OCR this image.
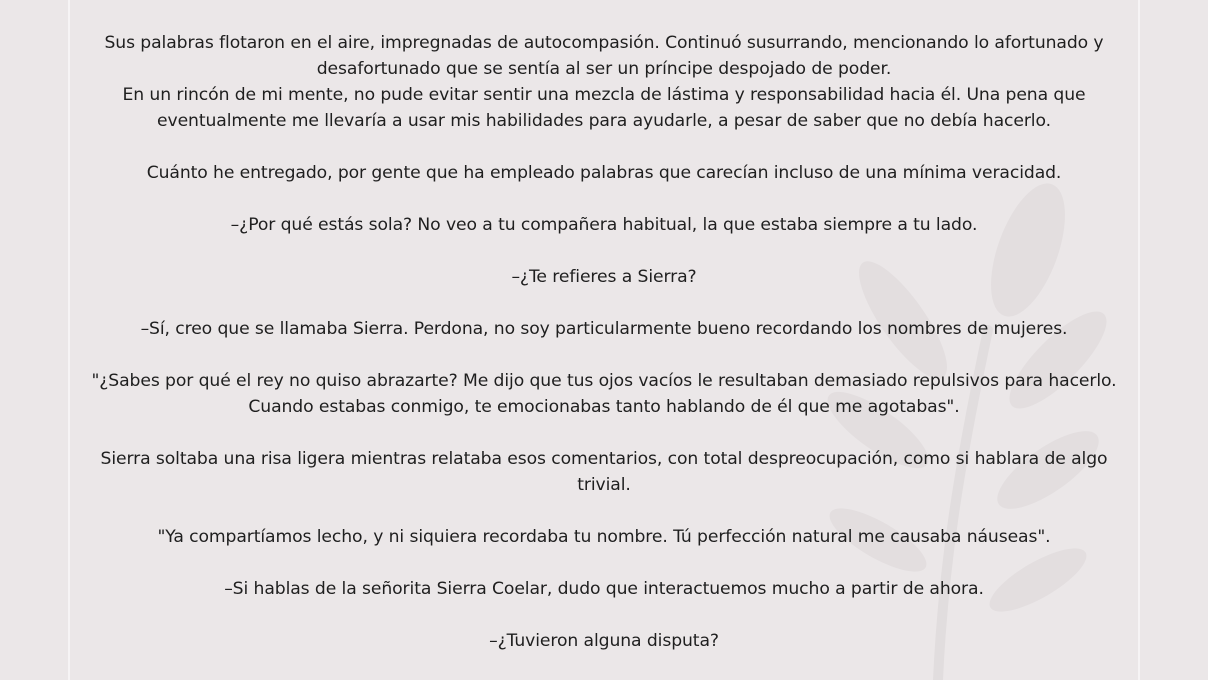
Sus palabras flotaron en el aire, impregnadas de autocompasión. Continuó susurrando, mencionando lo afortunado y desafortunado que se sentía al ser un príncipe despojado de poder.

En un rincón de mi mente, no pude evitar sentir una mezcla de lástima y responsabilidad hacia él. Una pena que eventualmente me llevaría a usar mis habilidades para ayudarle, a pesar de saber que no debía hacerlo.

Cuánto he entregado, por gente que ha empleado palabras que carecían incluso de una mínima veracidad.

–¿Por qué estás sola? No veo a tu compañera habitual, la que estaba siempre a tu lado.

–¿Te refieres a Sierra?

–Sí, creo que se llamaba Sierra. Perdona, no soy particularmente bueno recordando los nombres de mujeres.

"¿Sabes por qué el rey no quiso abrazarte? Me dijo que tus ojos vacíos le resultaban demasiado repulsivos para hacerlo. Cuando estabas conmigo, te emocionabas tanto hablando de él que me agotabas".

Sierra soltaba una risa ligera mientras relataba esos comentarios, con total despreocupación, como si hablara de algo trivial.

"Ya compartíamos lecho, y ni siquiera recordaba tu nombre. Tú perfección natural me causaba náuseas".

–Si hablas de la señorita Sierra Coelar, dudo que interactuemos mucho a partir de ahora.

–¿Tuvieron alguna disputa?
